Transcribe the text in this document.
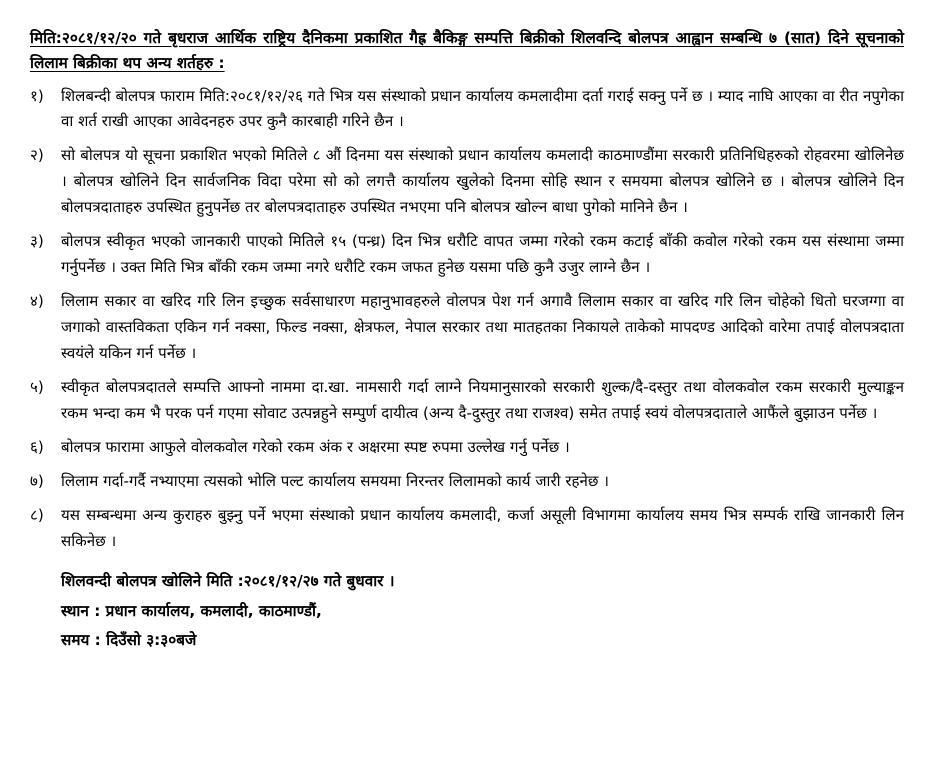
मिति:२०८१/१२/२० गते बृधराज आर्थिक राष्ट्रिय दैनिकमा प्रकाशित गैह्र बैकिङ्ग सम्पत्ति बिक्रीको शिलवन्दि बोलपत्र आह्वान सम्बन्धि ७ (सात) दिने सूचनाको लिलाम बिक्रीका थप अन्य शर्तहरु :

१)	शिलबन्दी बोलपत्र फाराम मिति:२०८१/१२/२६ गते भित्र यस संस्थाको प्रधान कार्यालय कमलादीमा दर्ता गराई सक्नु पर्ने छ । म्याद नाघि आएका वा रीत नपुगेका वा शर्त राखी आएका आवेदनहरु उपर कुनै कारबाही गरिने छैन ।
२)	सो बोलपत्र यो सूचना प्रकाशित भएको मितिले ८ औं दिनमा यस संस्थाको प्रधान कार्यालय कमलादी काठमाण्डौंमा सरकारी प्रतिनिधिहरुको रोहवरमा खोलिनेछ । बोलपत्र खोलिने दिन सार्वजनिक विदा परेमा सो को लगत्तै कार्यालय खुलेको दिनमा सोहि स्थान र समयमा बोलपत्र खोलिने छ । बोलपत्र खोलिने दिन बोलपत्रदाताहरु उपस्थित हुनुपर्नेछ तर बोलपत्रदाताहरु उपस्थित नभएमा पनि बोलपत्र खोल्न बाधा पुगेको मानिने छैन ।
३)	बोलपत्र स्वीकृत भएको जानकारी पाएको मितिले १५ (पन्ध्र) दिन भित्र धरौटि वापत जम्मा गरेको रकम कटाई बाँकी कवोल गरेको रकम यस संस्थामा जम्मा गर्नुपर्नेछ । उक्त मिति भित्र बाँकी रकम जम्मा नगरे धरौटि रकम जफत हुनेछ यसमा पछि कुनै उजुर लाग्ने छैन ।
४)	लिलाम सकार वा खरिद गरि लिन इच्छुक सर्वसाधारण महानुभावहरुले वोलपत्र पेश गर्न अगावै लिलाम सकार वा खरिद गरि लिन चोहेको धितो घरजग्गा वा जगाको वास्तविकता एकिन गर्न नक्सा, फिल्ड नक्सा, क्षेत्रफल, नेपाल सरकार तथा मातहतका निकायले ताकेको मापदण्ड आदिको वारेमा तपाई वोलपत्रदाता स्वयंले यकिन गर्न पर्नेछ ।
५)	स्वीकृत बोलपत्रदातले सम्पत्ति आफ्नो नाममा दा.खा. नामसारी गर्दा लाग्ने नियमानुसारको सरकारी शुल्क/दै-दस्तुर तथा वोलकवोल रकम सरकारी मुल्याङ्कन रकम भन्दा कम भै परक पर्न गएमा सोवाट उत्पन्नहुने सम्पुर्ण दायीत्व (अन्य दै-दुस्तुर तथा राजश्व) समेत तपाई स्वयं वोलपत्रदाताले आफैंले बुझाउन पर्नेछ ।
६)	बोलपत्र फारामा आफुले वोलकवोल गरेको रकम अंक र अक्षरमा स्पष्ट रुपमा उल्लेख गर्नु पर्नेछ ।
७)	लिलाम गर्दा-गर्दै नभ्याएमा त्यसको भोलि पल्ट कार्यालय समयमा निरन्तर लिलामको कार्य जारी रहनेछ ।
८)	यस सम्बन्धमा अन्य कुराहरु बुझ्नु पर्ने भएमा संस्थाको प्रधान कार्यालय कमलादी, कर्जा असूली विभागमा कार्यालय समय भित्र सम्पर्क राखि जानकारी लिन सकिनेछ ।
शिलवन्दी बोलपत्र खोलिने मिति :२०८१/१२/२७ गते बुधवार ।
स्थान : प्रधान कार्यालय, कमलादी, काठमाण्डौं,
समय : दिउँसो ३:३०बजे
